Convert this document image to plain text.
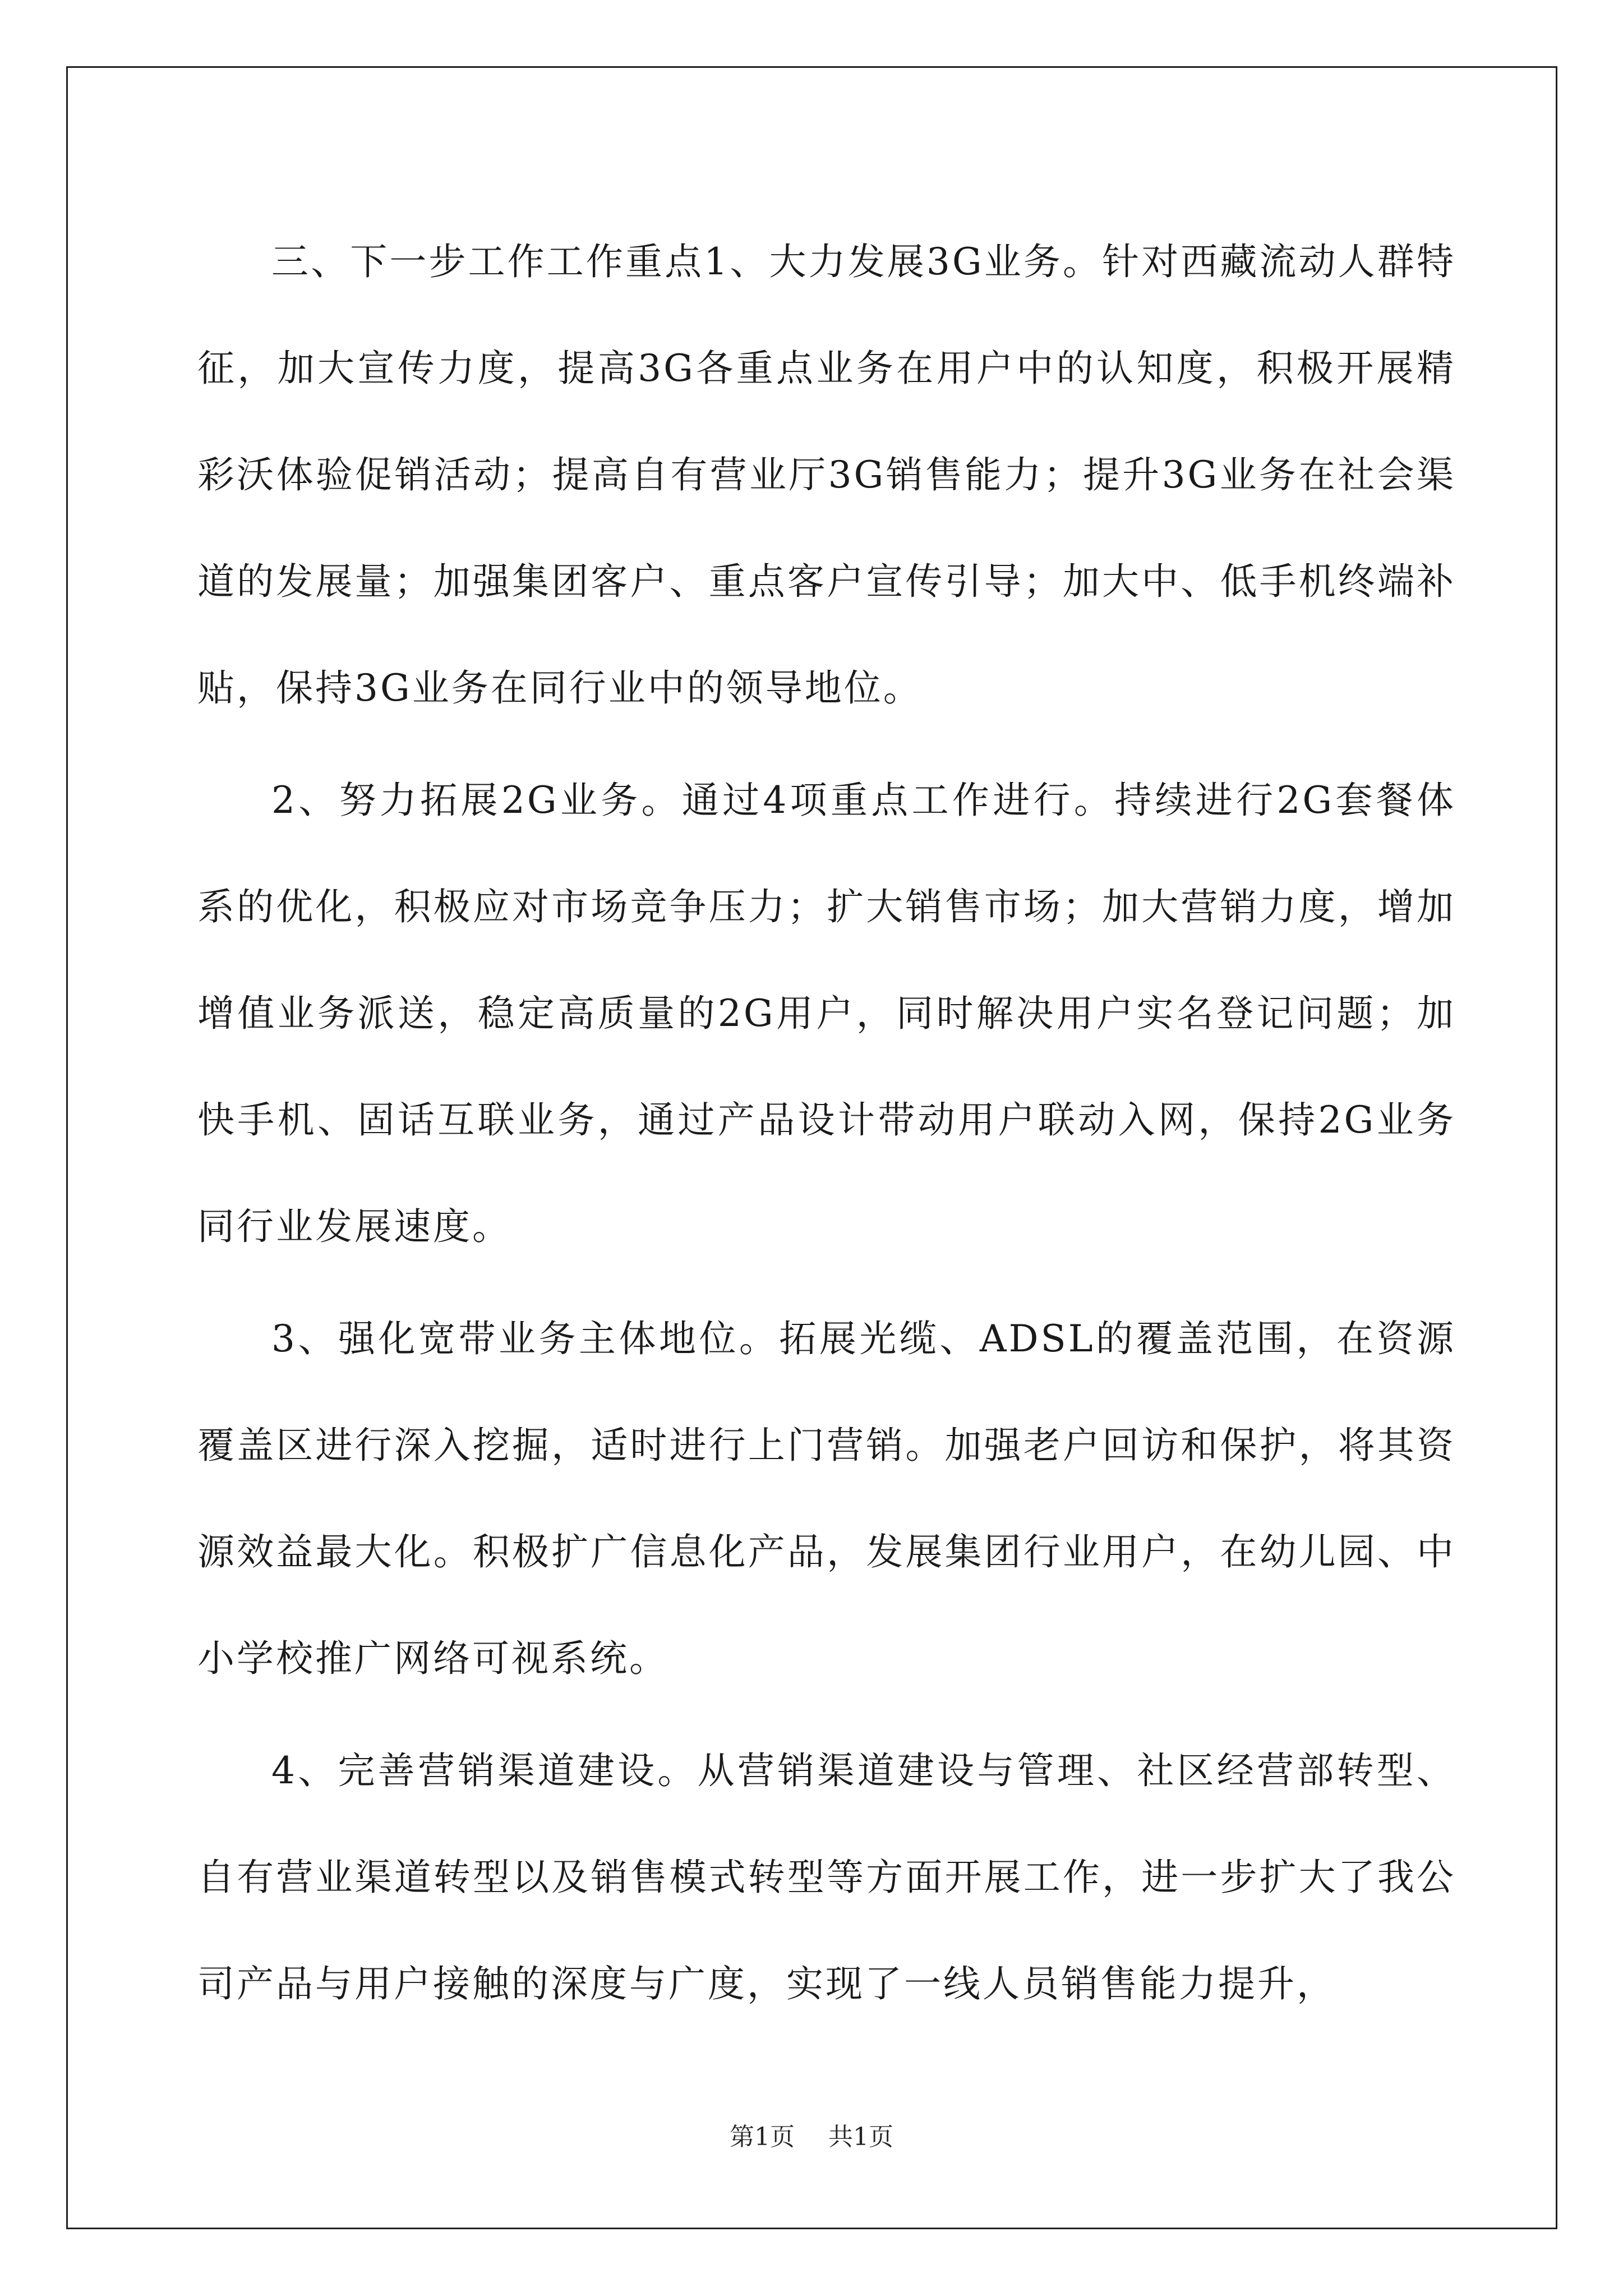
三、下一步工作工作重点1、大力发展3G业务。针对西藏流动人群特征，加大宣传力度，提高3G各重点业务在用户中的认知度，积极开展精彩沃体验促销活动；提高自有营业厅3G销售能力；提升3G业务在社会渠道的发展量；加强集团客户、重点客户宣传引导；加大中、低手机终端补贴，保持3G业务在同行业中的领导地位。

2、努力拓展2G业务。通过4项重点工作进行。持续进行2G套餐体系的优化，积极应对市场竞争压力；扩大销售市场；加大营销力度，增加增值业务派送，稳定高质量的2G用户，同时解决用户实名登记问题；加快手机、固话互联业务，通过产品设计带动用户联动入网，保持2G业务同行业发展速度。

3、强化宽带业务主体地位。拓展光缆、ADSL的覆盖范围，在资源覆盖区进行深入挖掘，适时进行上门营销。加强老户回访和保护，将其资源效益最大化。积极扩广信息化产品，发展集团行业用户，在幼儿园、中小学校推广网络可视系统。

4、完善营销渠道建设。从营销渠道建设与管理、社区经营部转型、自有营业渠道转型以及销售模式转型等方面开展工作，进一步扩大了我公司产品与用户接触的深度与广度，实现了一线人员销售能力提升，

第1页 共1页
